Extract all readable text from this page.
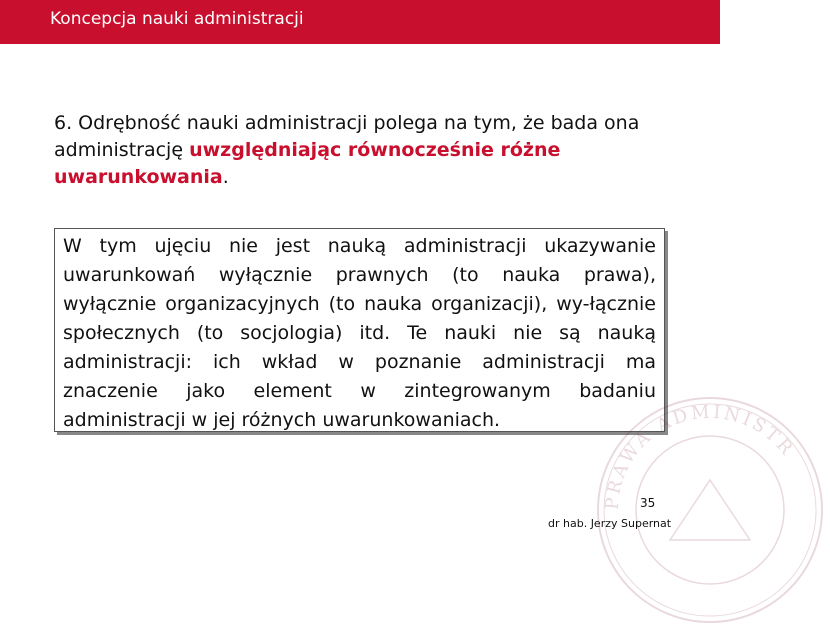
Koncepcja nauki administracji

6. Odrębność nauki administracji polega na tym, że bada ona administrację uwzględniając równocześnie różne uwarunkowania.

W tym ujęciu nie jest nauką administracji ukazywanie uwarunkowań wyłącznie prawnych (to nauka prawa), wyłącznie organizacyjnych (to nauka organizacji), wy-łącznie społecznych (to socjologia) itd. Te nauki nie są nauką administracji: ich wkład w poznanie administracji ma znaczenie jako element w zintegrowanym badaniu administracji w jej różnych uwarunkowaniach.

PRAWA ADMINISTR
35
dr hab. Jerzy Supernat
